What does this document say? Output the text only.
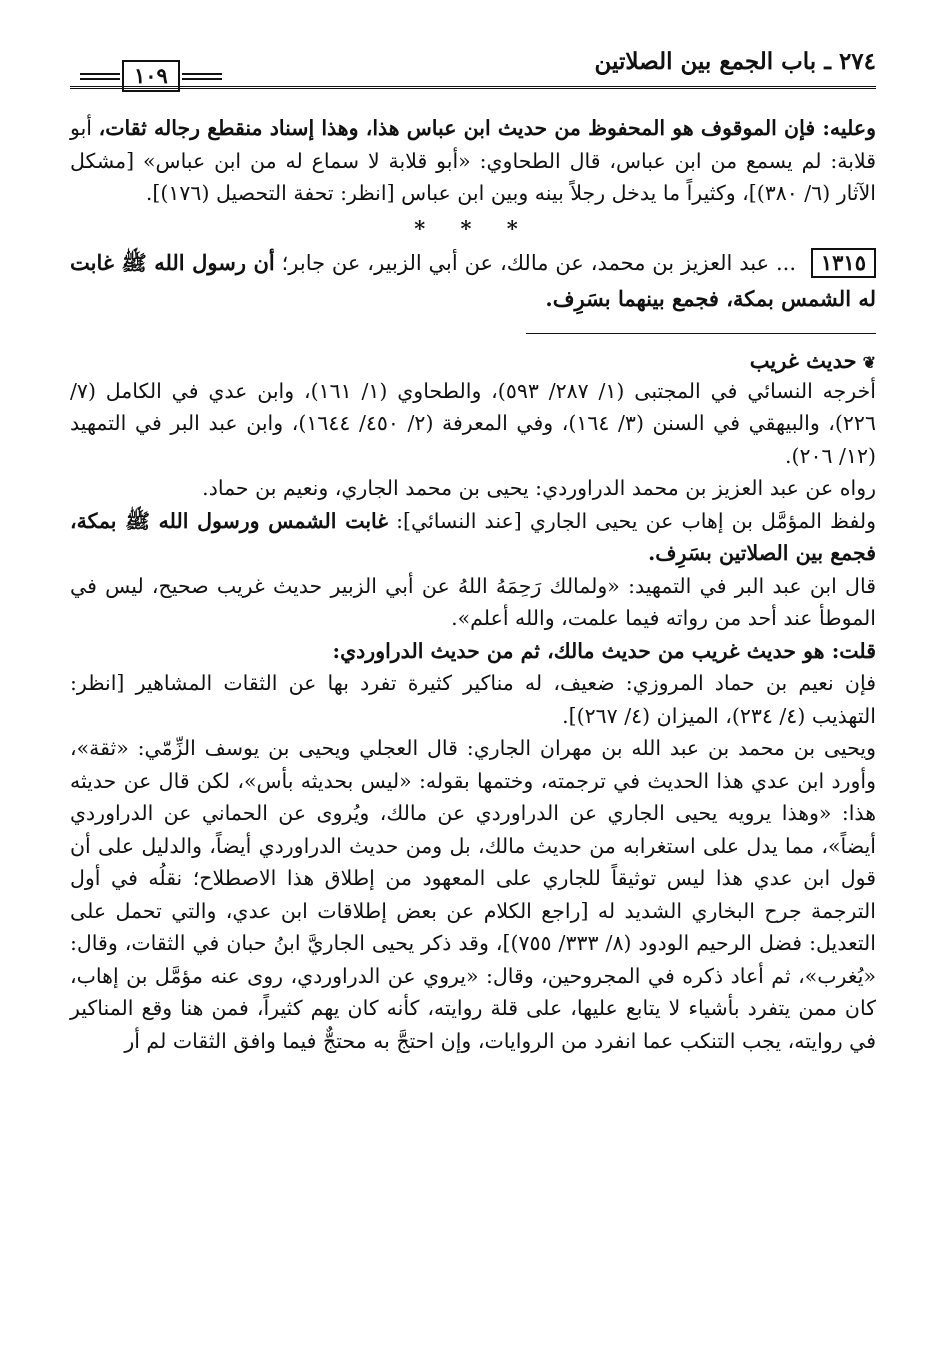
٢٧٤ ـ باب الجمع بين الصلاتين
١٠٩

وعليه: فإن الموقوف هو المحفوظ من حديث ابن عباس هذا، وهذا إسناد منقطع رجاله ثقات، أبو قلابة: لم يسمع من ابن عباس، قال الطحاوي: «أبو قلابة لا سماع له من ابن عباس» [مشكل الآثار (٦/ ٣٨٠)]، وكثيراً ما يدخل رجلاً بينه وبين ابن عباس [انظر: تحفة التحصيل (١٧٦)].

* * *

١٣١٥ ... عبد العزيز بن محمد، عن مالك، عن أبي الزبير، عن جابر؛ أن رسول الله ﷺ غابت له الشمس بمكة، فجمع بينهما بسَرِف.

❦حديث غريب

أخرجه النسائي في المجتبى (١/ ٢٨٧/ ٥٩٣)، والطحاوي (١/ ١٦١)، وابن عدي في الكامل (٧/ ٢٢٦)، والبيهقي في السنن (٣/ ١٦٤)، وفي المعرفة (٢/ ٤٥٠/ ١٦٤٤)، وابن عبد البر في التمهيد (١٢/ ٢٠٦).

رواه عن عبد العزيز بن محمد الدراوردي: يحيى بن محمد الجاري، ونعيم بن حماد.

ولفظ المؤمَّل بن إهاب عن يحيى الجاري [عند النسائي]: غابت الشمس ورسول الله ﷺ بمكة، فجمع بين الصلاتين بسَرِف.

قال ابن عبد البر في التمهيد: «ولمالك رَحِمَهُ اللهُ عن أبي الزبير حديث غريب صحيح، ليس في الموطأ عند أحد من رواته فيما علمت، والله أعلم».

قلت: هو حديث غريب من حديث مالك، ثم من حديث الدراوردي:

فإن نعيم بن حماد المروزي: ضعيف، له مناكير كثيرة تفرد بها عن الثقات المشاهير [انظر: التهذيب (٤/ ٢٣٤)، الميزان (٤/ ٢٦٧)].

ويحيى بن محمد بن عبد الله بن مهران الجاري: قال العجلي ويحيى بن يوسف الزِّمّي: «ثقة»، وأورد ابن عدي هذا الحديث في ترجمته، وختمها بقوله: «ليس بحديثه بأس»، لكن قال عن حديثه هذا: «وهذا يرويه يحيى الجاري عن الدراوردي عن مالك، ويُروى عن الحماني عن الدراوردي أيضاً»، مما يدل على استغرابه من حديث مالك، بل ومن حديث الدراوردي أيضاً، والدليل على أن قول ابن عدي هذا ليس توثيقاً للجاري على المعهود من إطلاق هذا الاصطلاح؛ نقلُه في أول الترجمة جرح البخاري الشديد له [راجع الكلام عن بعض إطلاقات ابن عدي، والتي تحمل على التعديل: فضل الرحيم الودود (٨/ ٣٣٣/ ٧٥٥)]، وقد ذكر يحيى الجاريَّ ابنُ حبان في الثقات، وقال: «يُغرب»، ثم أعاد ذكره في المجروحين، وقال: «يروي عن الدراوردي، روى عنه مؤمَّل بن إهاب، كان ممن يتفرد بأشياء لا يتابع عليها، على قلة روايته، كأنه كان يهم كثيراً، فمن هنا وقع المناكير في روايته، يجب التنكب عما انفرد من الروايات، وإن احتجَّ به محتجٌّ فيما وافق الثقات لم أر
